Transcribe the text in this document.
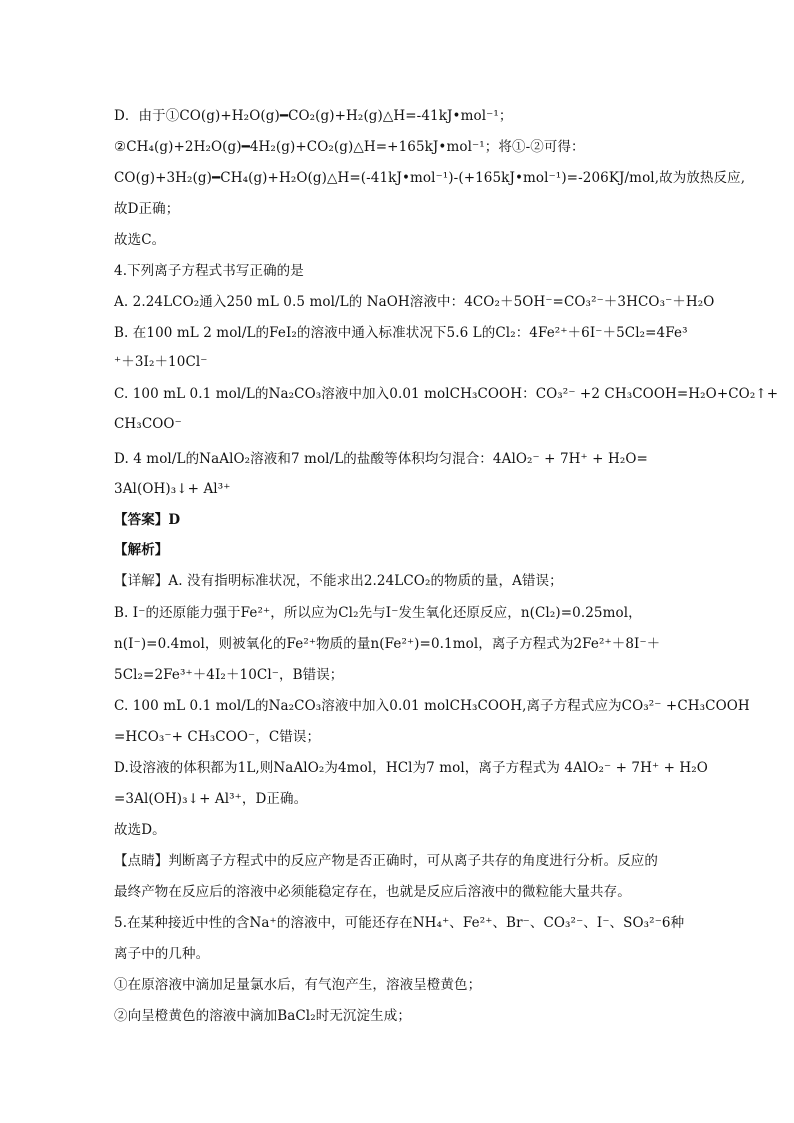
D．由于①CO(g)+H₂O(g)━CO₂(g)+H₂(g)△H=-41kJ•mol⁻¹；
②CH₄(g)+2H₂O(g)━4H₂(g)+CO₂(g)△H=+165kJ•mol⁻¹；将①-②可得：
CO(g)+3H₂(g)━CH₄(g)+H₂O(g)△H=(-41kJ•mol⁻¹)-(+165kJ•mol⁻¹)=-206KJ/mol,故为放热反应,
故D正确；
故选C。
4.下列离子方程式书写正确的是
A. 2.24LCO₂通入250 mL 0.5 mol/L的 NaOH溶液中：4CO₂＋5OH⁻=CO₃²⁻＋3HCO₃⁻＋H₂O
B. 在100 mL 2 mol/L的FeI₂的溶液中通入标准状况下5.6 L的Cl₂：4Fe²⁺＋6I⁻＋5Cl₂=4Fe³
⁺＋3I₂＋10Cl⁻
C. 100 mL 0.1 mol/L的Na₂CO₃溶液中加入0.01 molCH₃COOH：CO₃²⁻ +2 CH₃COOH=H₂O+CO₂↑+
CH₃COO⁻
D. 4 mol/L的NaAlO₂溶液和7 mol/L的盐酸等体积均匀混合：4AlO₂⁻ + 7H⁺ + H₂O=
3Al(OH)₃↓+ Al³⁺
【答案】D
【解析】
【详解】A. 没有指明标准状况，不能求出2.24LCO₂的物质的量，A错误；
B. I⁻的还原能力强于Fe²⁺，所以应为Cl₂先与I⁻发生氧化还原反应，n(Cl₂)=0.25mol，
n(I⁻)=0.4mol，则被氧化的Fe²⁺物质的量n(Fe²⁺)=0.1mol，离子方程式为2Fe²⁺＋8I⁻＋
5Cl₂=2Fe³⁺＋4I₂＋10Cl⁻，B错误；
C. 100 mL 0.1 mol/L的Na₂CO₃溶液中加入0.01 molCH₃COOH,离子方程式应为CO₃²⁻ +CH₃COOH
=HCO₃⁻+ CH₃COO⁻，C错误；
D.设溶液的体积都为1L,则NaAlO₂为4mol，HCl为7 mol，离子方程式为 4AlO₂⁻ + 7H⁺ + H₂O
=3Al(OH)₃↓+ Al³⁺，D正确。
故选D。
【点睛】判断离子方程式中的反应产物是否正确时，可从离子共存的角度进行分析。反应的
最终产物在反应后的溶液中必须能稳定存在，也就是反应后溶液中的微粒能大量共存。
5.在某种接近中性的含Na⁺的溶液中，可能还存在NH₄⁺、Fe²⁺、Br⁻、CO₃²⁻、I⁻、SO₃²⁻6种
离子中的几种。
①在原溶液中滴加足量氯水后，有气泡产生，溶液呈橙黄色；
②向呈橙黄色的溶液中滴加BaCl₂时无沉淀生成；
